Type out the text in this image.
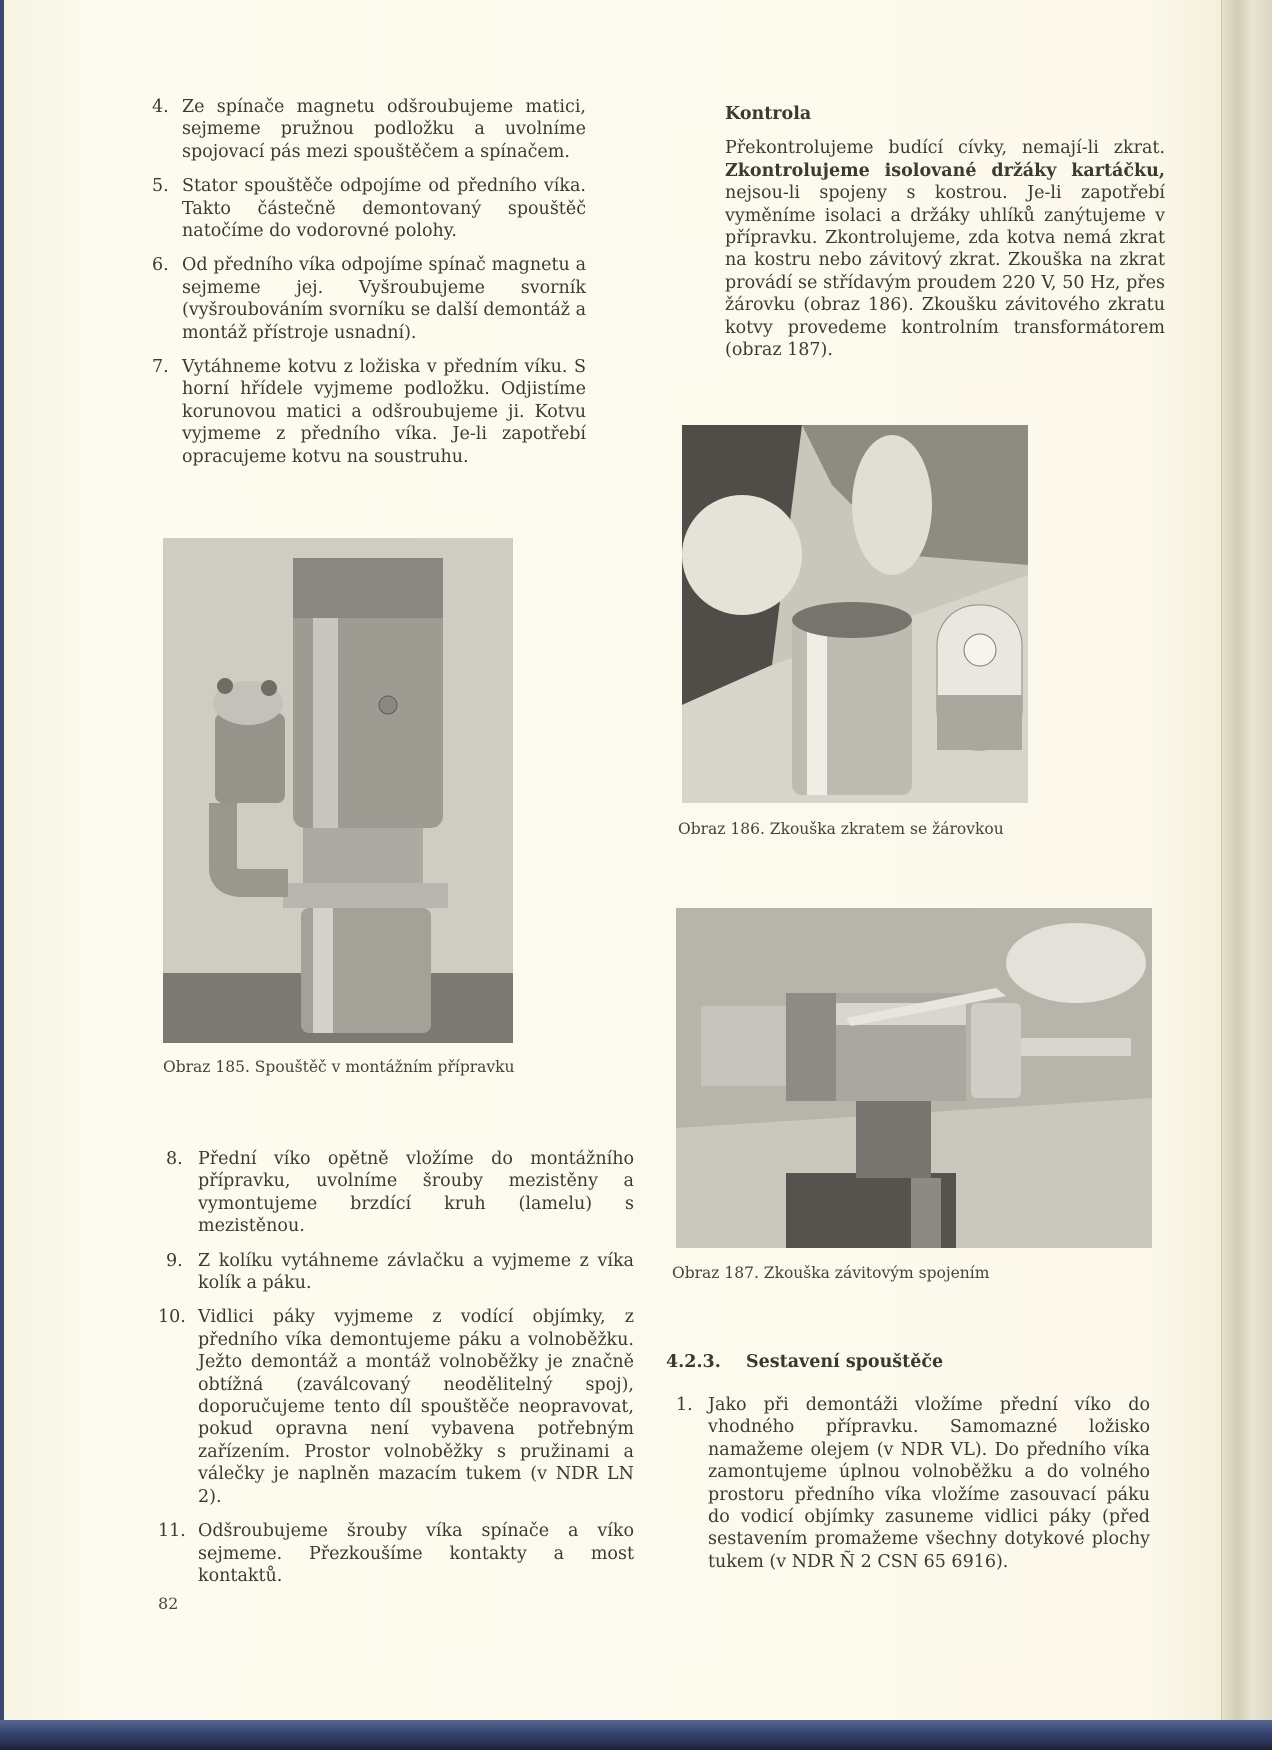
4. Ze spínače magnetu odšroubujeme matici, sejmeme pružnou podložku a uvolníme spojovací pás mezi spouštěčem a spínačem.
5. Stator spouštěče odpojíme od předního víka. Takto částečně demontovaný spouštěč natočíme do vodorovné polohy.
6. Od předního víka odpojíme spínač magnetu a sejmeme jej. Vyšroubujeme svorník (vyšroubováním svorníku se další demontáž a montáž přístroje usnadní).
7. Vytáhneme kotvu z ložiska v předním víku. S horní hřídele vyjmeme podložku. Odjistíme korunovou matici a odšroubujeme ji. Kotvu vyjmeme z předního víka. Je-li zapotřebí opracujeme kotvu na soustruhu.
Kontrola
Překontrolujeme budící cívky, nemají-li zkrat. Zkontrolujeme isolované držáky kartáčku, nejsou-li spojeny s kostrou. Je-li zapotřebí vyměníme isolaci a držáky uhlíků zanýtujeme v přípravku. Zkontrolujeme, zda kotva nemá zkrat na kostru nebo závitový zkrat. Zkouška na zkrat provádí se střídavým proudem 220 V, 50 Hz, přes žárovku (obraz 186). Zkoušku závitového zkratu kotvy provedeme kontrolním transformátorem (obraz 187).
Obraz 186. Zkouška zkratem se žárovkou
Obraz 185. Spouštěč v montážním přípravku
Obraz 187. Zkouška závitovým spojením
8. Přední víko opětně vložíme do montážního přípravku, uvolníme šrouby mezistěny a vymontujeme brzdící kruh (lamelu) s mezistěnou.
9. Z kolíku vytáhneme závlačku a vyjmeme z víka kolík a páku.
10. Vidlici páky vyjmeme z vodící objímky, z předního víka demontujeme páku a volnoběžku. Ježto demontáž a montáž volnoběžky je značně obtížná (zaválcovaný neodělitelný spoj), doporučujeme tento díl spouštěče neopravovat, pokud opravna není vybavena potřebným zařízením. Prostor volnoběžky s pružinami a válečky je naplněn mazacím tukem (v NDR LN 2).
11. Odšroubujeme šrouby víka spínače a víko sejmeme. Přezkoušíme kontakty a most kontaktů.
4.2.3. Sestavení spouštěče
1. Jako při demontáži vložíme přední víko do vhodného přípravku. Samomazné ložisko namažeme olejem (v NDR VL). Do předního víka zamontujeme úplnou volnoběžku a do volného prostoru předního víka vložíme zasouvací páku do vodicí objímky zasuneme vidlici páky (před sestavením promažeme všechny dotykové plochy tukem (v NDR Ñ 2 CSN 65 6916).
82
